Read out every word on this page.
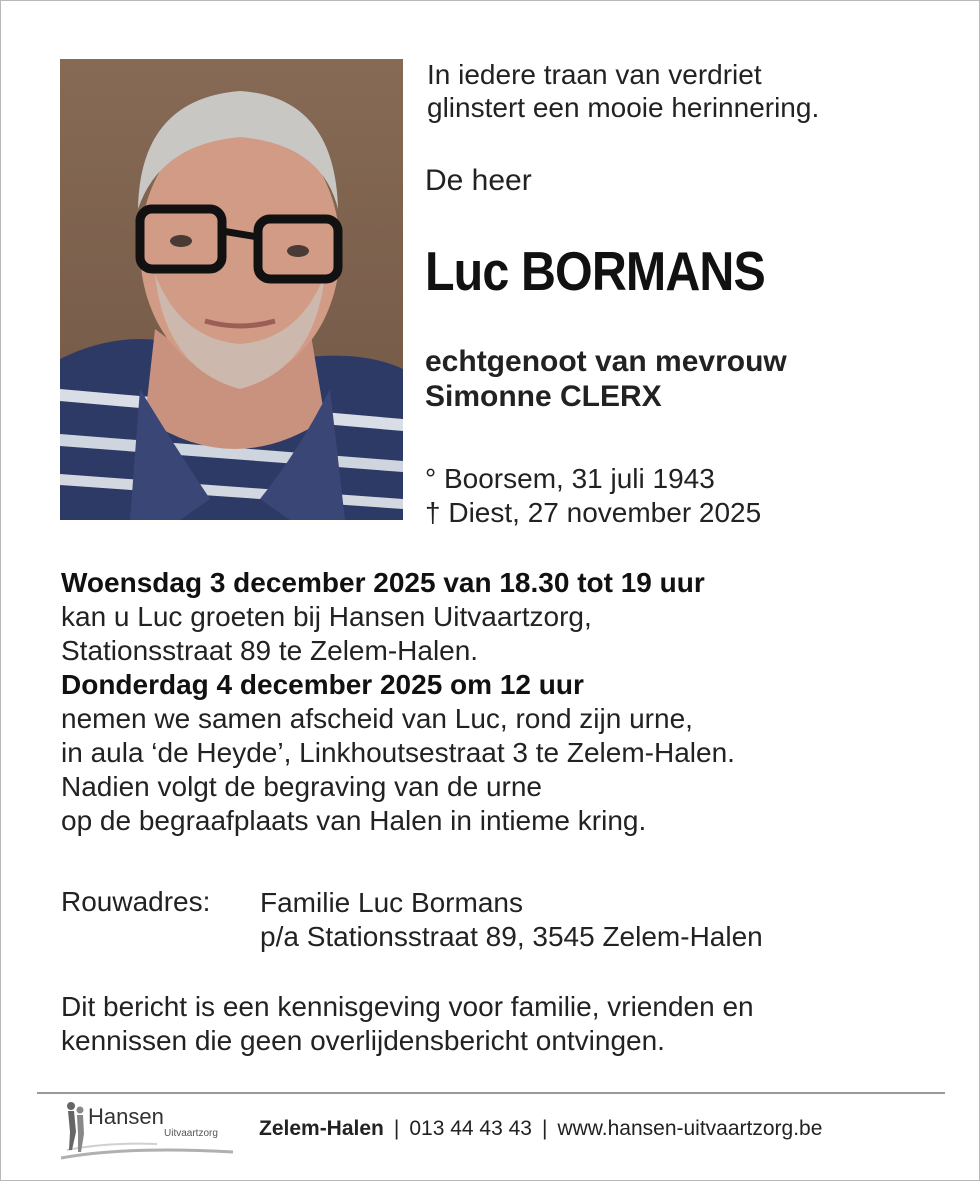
In iedere traan van verdriet
glinstert een mooie herinnering.
De heer
Luc BORMANS
echtgenoot van mevrouw
Simonne CLERX
° Boorsem, 31 juli 1943
† Diest, 27 november 2025
Woensdag 3 december 2025 van 18.30 tot 19 uur
kan u Luc groeten bij Hansen Uitvaartzorg,
Stationsstraat 89 te Zelem-Halen.
Donderdag 4 december 2025 om 12 uur
nemen we samen afscheid van Luc, rond zijn urne,
in aula ‘de Heyde’, Linkhoutsestraat 3 te Zelem-Halen.
Nadien volgt de begraving van de urne
op de begraafplaats van Halen in intieme kring.
Rouwadres: Familie Luc Bormans
p/a Stationsstraat 89, 3545 Zelem-Halen
Dit bericht is een kennisgeving voor familie, vrienden en
kennissen die geen overlijdensbericht ontvingen.
Hansen
Uitvaartzorg Zelem-Halen | 013 44 43 43 | www.hansen-uitvaartzorg.be
